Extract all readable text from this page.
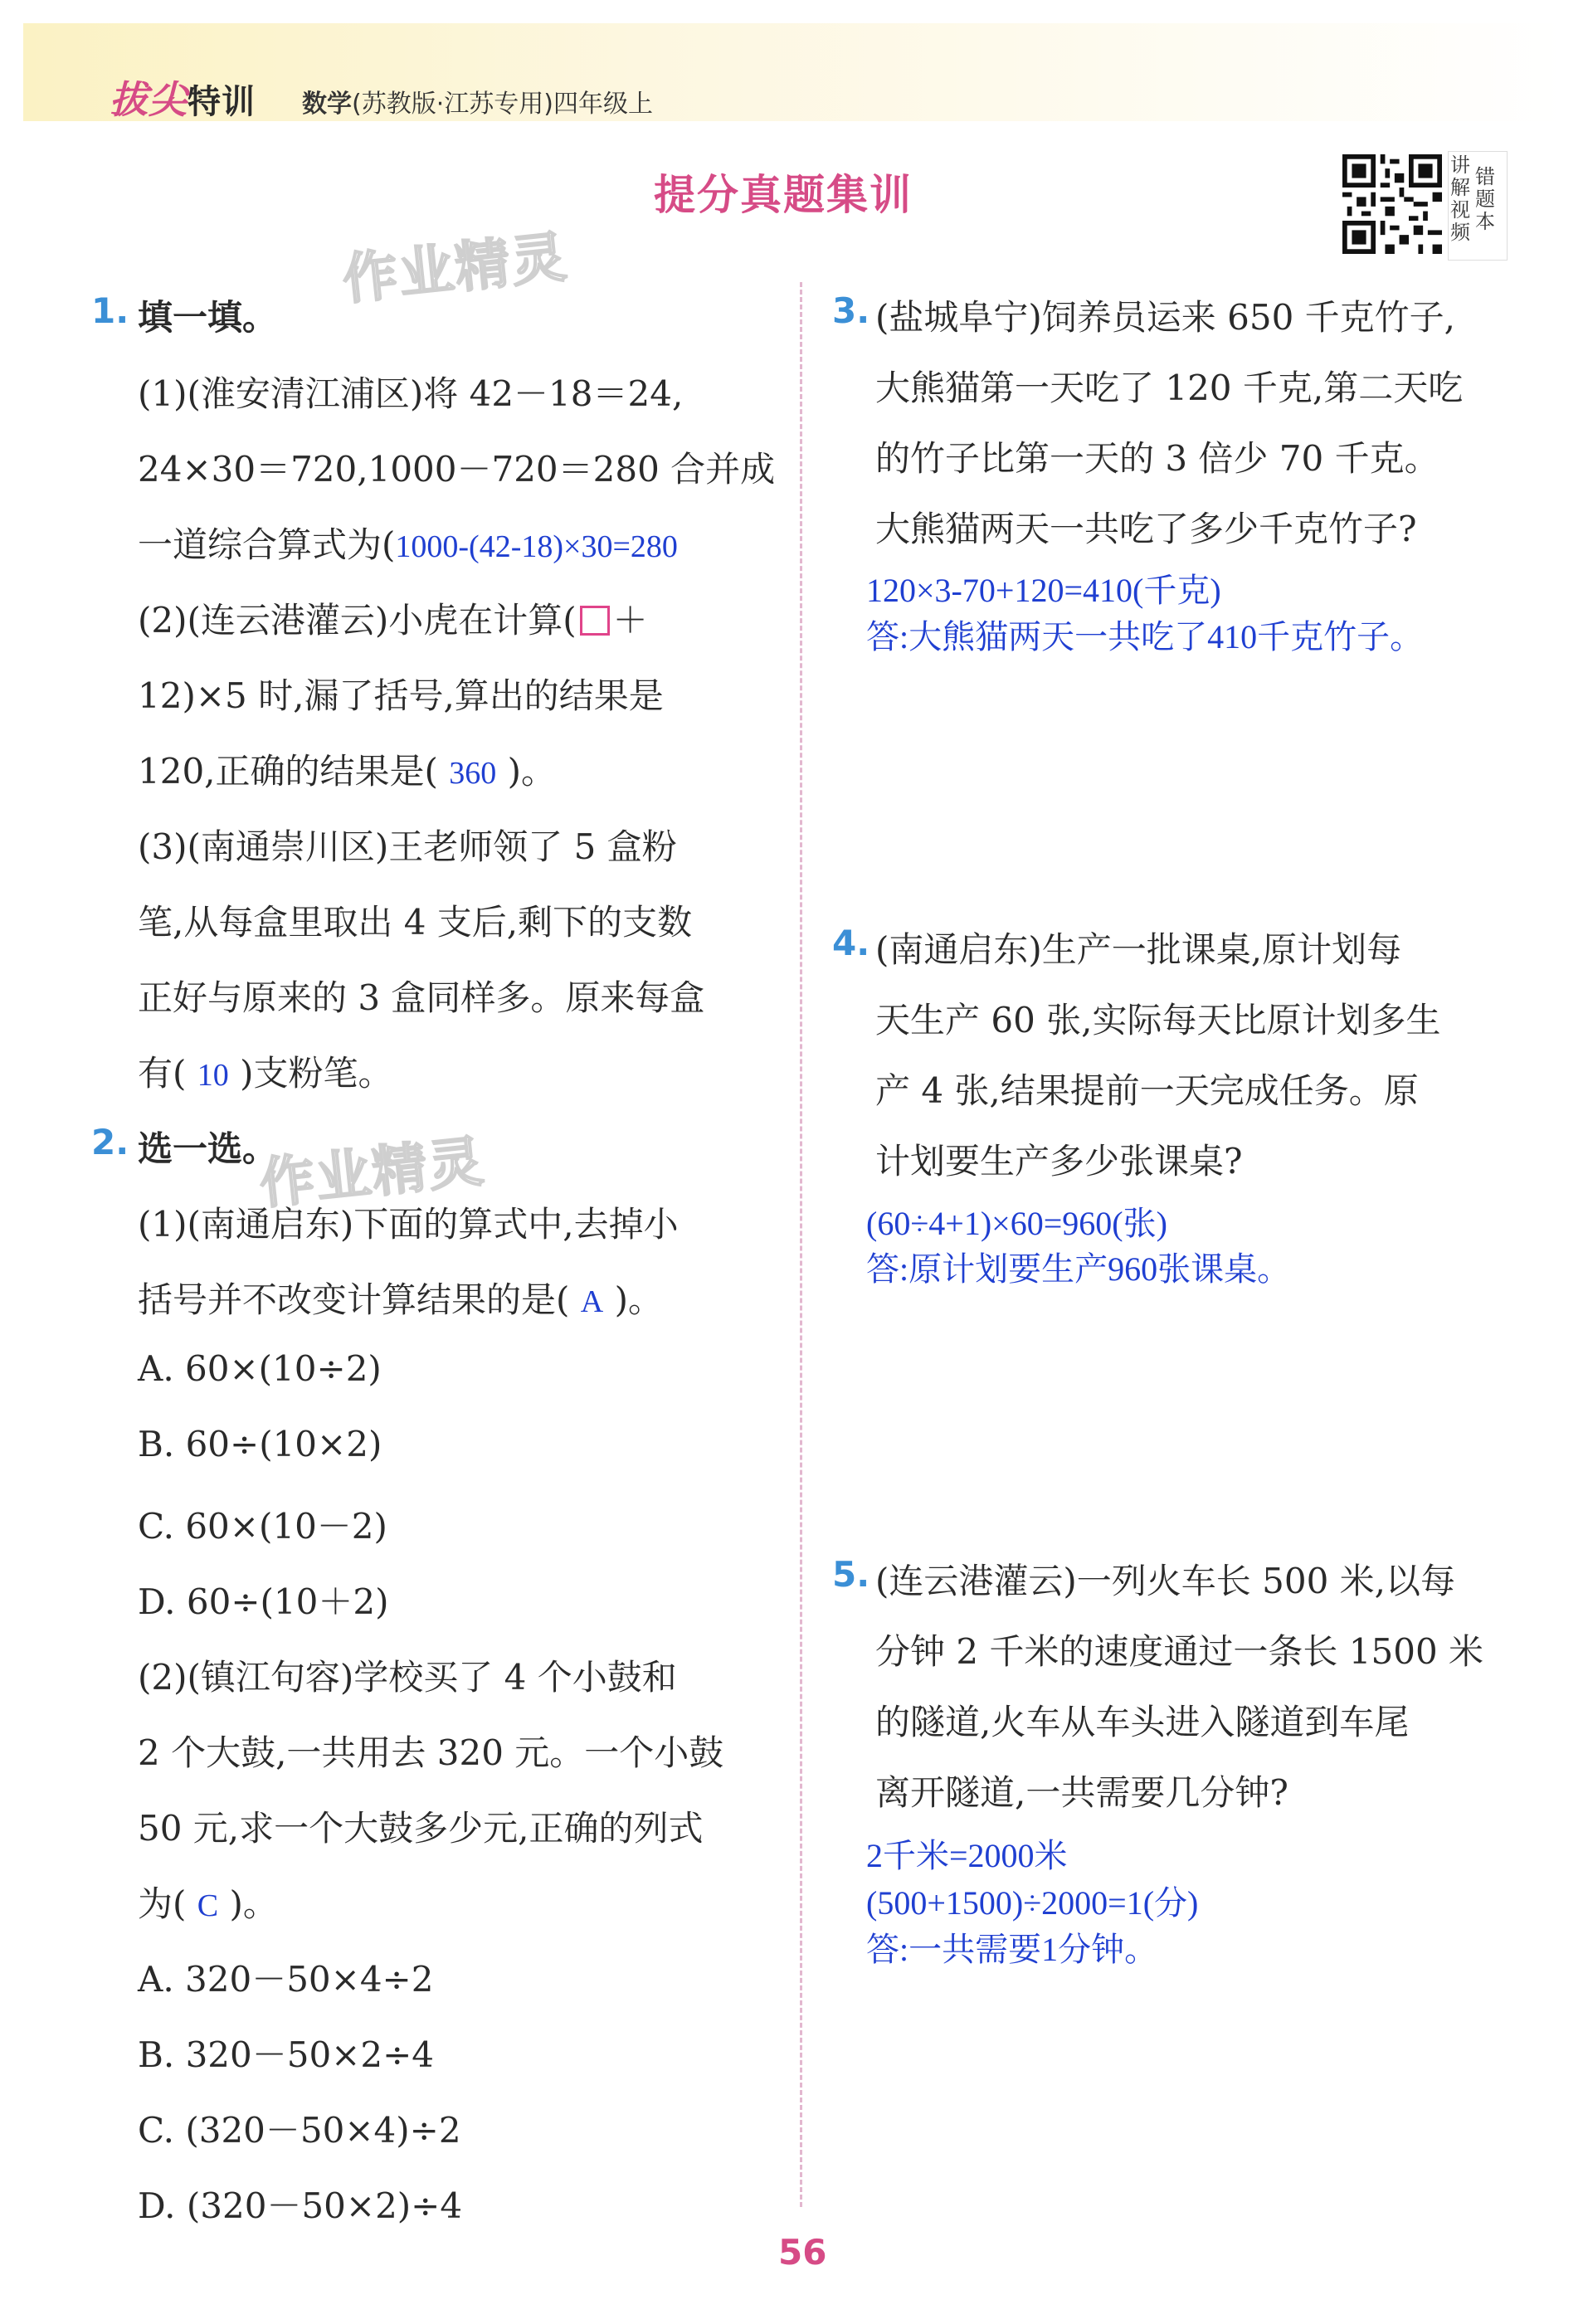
拔尖特训 数学(苏教版·江苏专用)四年级上
提分真题集训
讲解视频
错题本
作业精灵
作业精灵
1. 填一填。
(1)(淮安清江浦区)将 42－18＝24,
24×30＝720,1000－720＝280 合并成
一道综合算式为(1000-(42-18)×30=280
(2)(连云港灌云)小虎在计算( ＋
12)×5 时,漏了括号,算出的结果是
120,正确的结果是( 360 )。
(3)(南通崇川区)王老师领了 5 盒粉
笔,从每盒里取出 4 支后,剩下的支数
正好与原来的 3 盒同样多。原来每盒
有( 10 )支粉笔。
2. 选一选。
(1)(南通启东)下面的算式中,去掉小
括号并不改变计算结果的是( A )。
A. 60×(10÷2)
B. 60÷(10×2)
C. 60×(10－2)
D. 60÷(10＋2)
(2)(镇江句容)学校买了 4 个小鼓和
2 个大鼓,一共用去 320 元。一个小鼓
50 元,求一个大鼓多少元,正确的列式
为( C )。
A. 320－50×4÷2
B. 320－50×2÷4
C. (320－50×4)÷2
D. (320－50×2)÷4
3. (盐城阜宁)饲养员运来 650 千克竹子,
大熊猫第一天吃了 120 千克,第二天吃
的竹子比第一天的 3 倍少 70 千克。
大熊猫两天一共吃了多少千克竹子?
120×3-70+120=410(千克)
答:大熊猫两天一共吃了410千克竹子。
4. (南通启东)生产一批课桌,原计划每
天生产 60 张,实际每天比原计划多生
产 4 张,结果提前一天完成任务。原
计划要生产多少张课桌?
(60÷4+1)×60=960(张)
答:原计划要生产960张课桌。
5. (连云港灌云)一列火车长 500 米,以每
分钟 2 千米的速度通过一条长 1500 米
的隧道,火车从车头进入隧道到车尾
离开隧道,一共需要几分钟?
2千米=2000米
(500+1500)÷2000=1(分)
答:一共需要1分钟。
56
